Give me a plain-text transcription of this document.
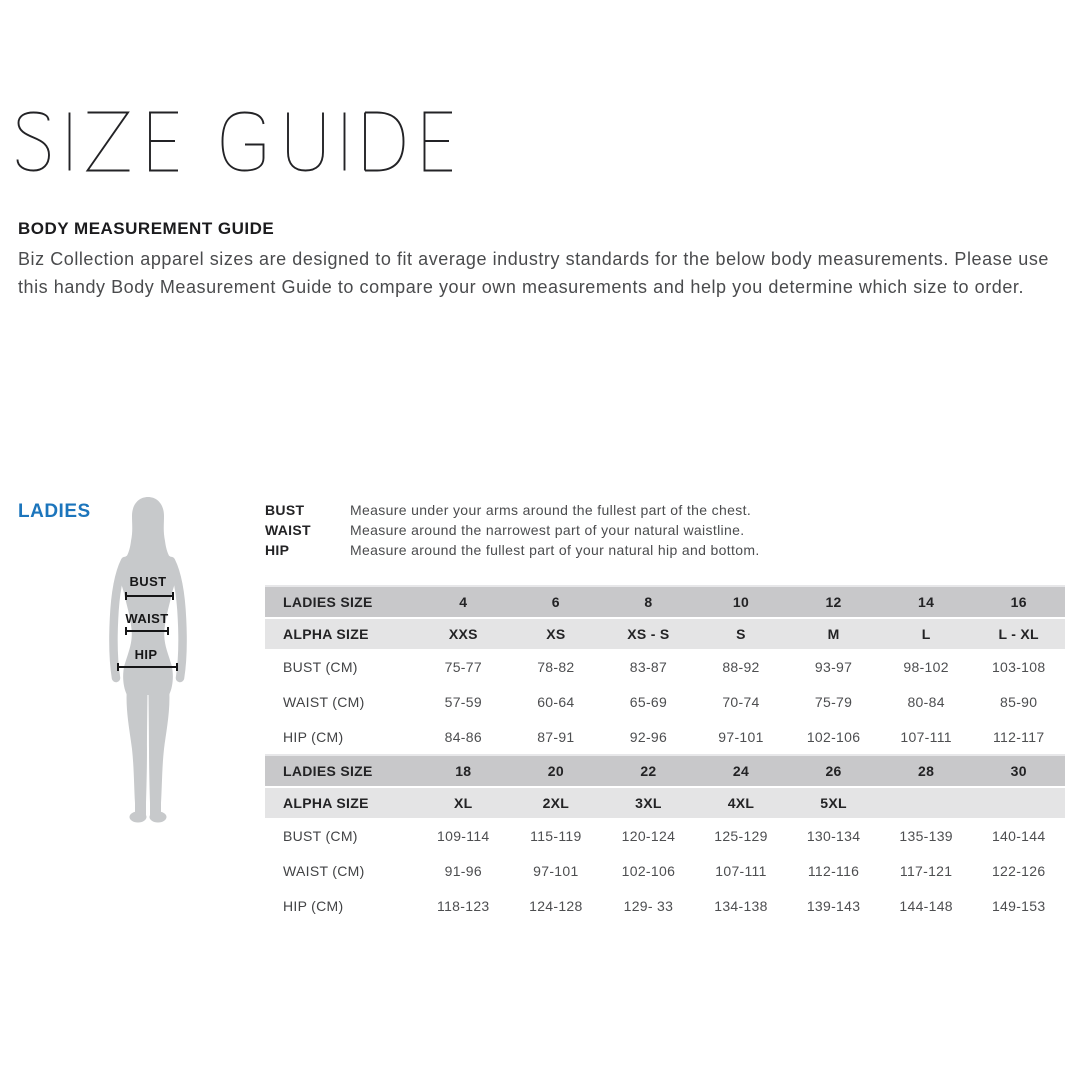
BODY MEASUREMENT GUIDE
Biz Collection apparel sizes are designed to fit average industry standards for the below body measurements. Please use
this handy Body Measurement Guide to compare your own measurements and help you determine which size to order.
LADIES
BUST
WAIST
HIP
BUST	Measure under your arms around the fullest part of the chest.
WAIST	Measure around the narrowest part of your natural waistline.
HIP	Measure around the fullest part of your natural hip and bottom.
LADIES SIZE	4	6	8	10	12	14	16
ALPHA SIZE	XXS	XS	XS - S	S	M	L	L - XL
BUST (CM)	75-77	78-82	83-87	88-92	93-97	98-102	103-108
WAIST (CM)	57-59	60-64	65-69	70-74	75-79	80-84	85-90
HIP (CM)	84-86	87-91	92-96	97-101	102-106	107-111	112-117
LADIES SIZE	18	20	22	24	26	28	30
ALPHA SIZE	XL	2XL	3XL	4XL	5XL
BUST (CM)	109-114	115-119	120-124	125-129	130-134	135-139	140-144
WAIST (CM)	91-96	97-101	102-106	107-111	112-116	117-121	122-126
HIP (CM)	118-123	124-128	129- 33	134-138	139-143	144-148	149-153
